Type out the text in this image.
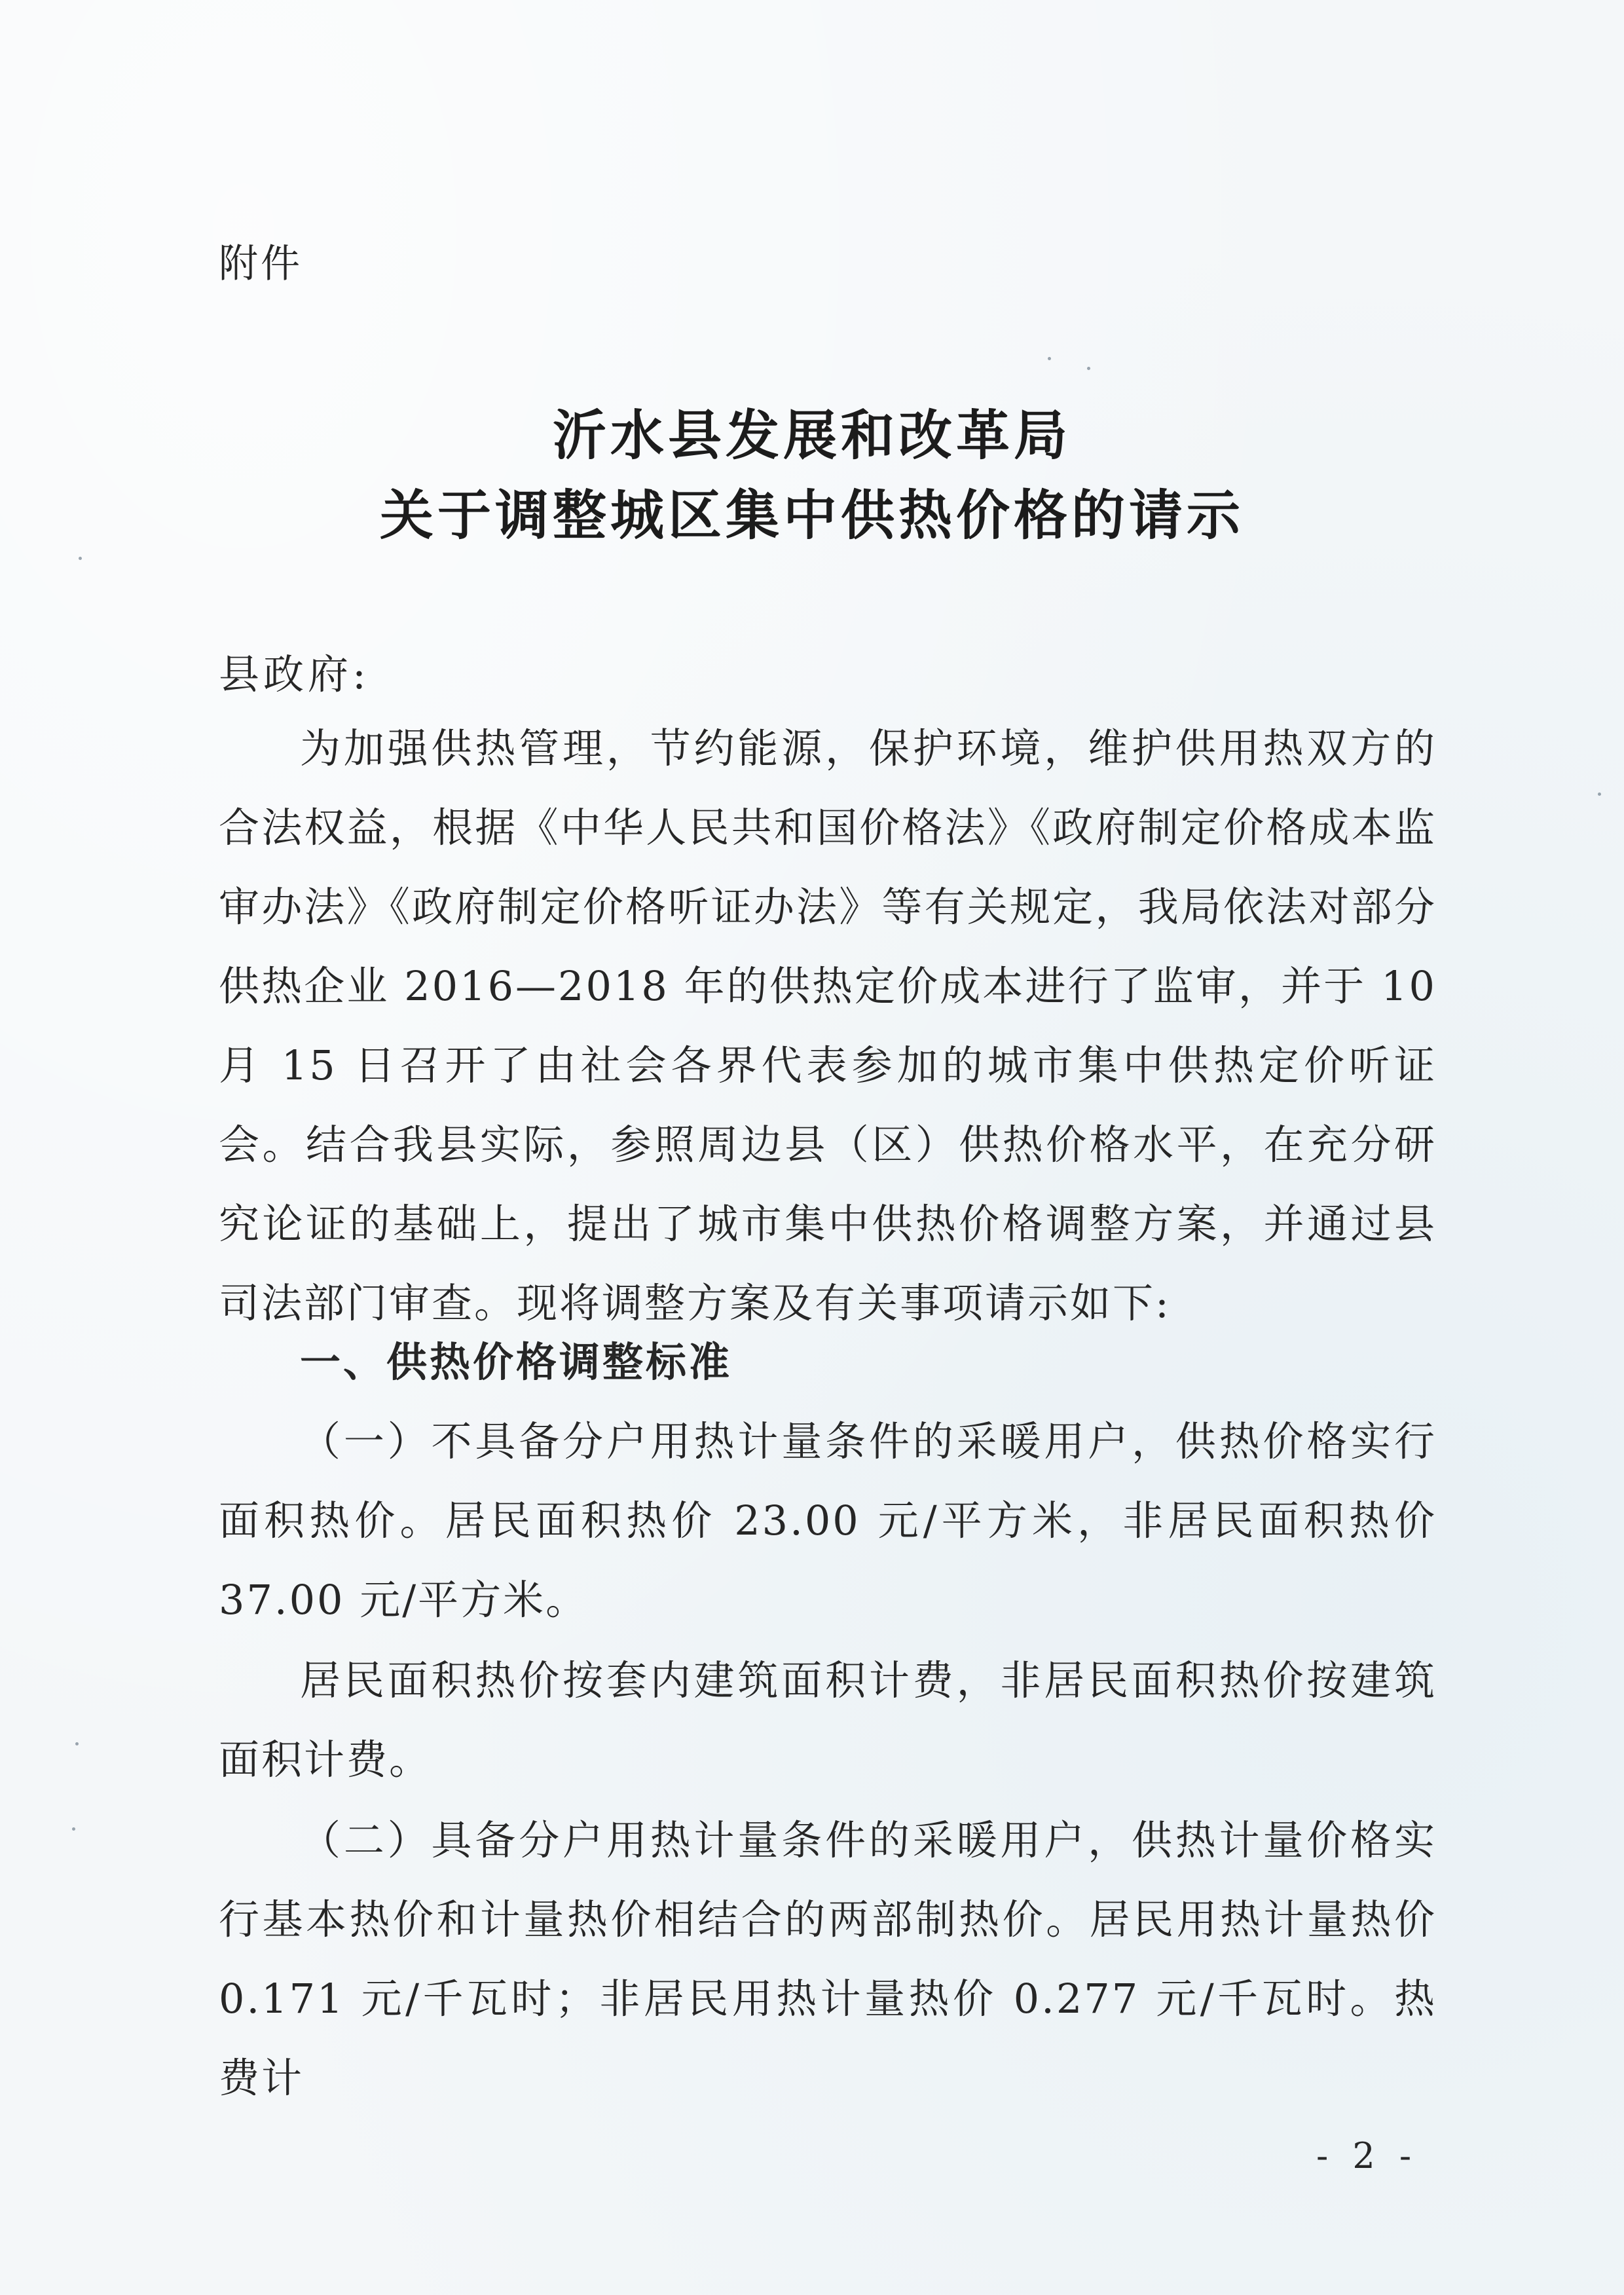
附件
沂水县发展和改革局
关于调整城区集中供热价格的请示
县政府:

为加强供热管理，节约能源，保护环境，维护供用热双方的合法权益，根据《中华人民共和国价格法》《政府制定价格成本监审办法》《政府制定价格听证办法》等有关规定，我局依法对部分供热企业 2016—2018 年的供热定价成本进行了监审，并于 10 月 15 日召开了由社会各界代表参加的城市集中供热定价听证会。结合我县实际，参照周边县（区）供热价格水平，在充分研究论证的基础上，提出了城市集中供热价格调整方案，并通过县司法部门审查。现将调整方案及有关事项请示如下:

一、供热价格调整标准

（一）不具备分户用热计量条件的采暖用户，供热价格实行面积热价。居民面积热价 23.00 元/平方米，非居民面积热价 37.00 元/平方米。

居民面积热价按套内建筑面积计费，非居民面积热价按建筑面积计费。

（二）具备分户用热计量条件的采暖用户，供热计量价格实行基本热价和计量热价相结合的两部制热价。居民用热计量热价 0.171 元/千瓦时；非居民用热计量热价 0.277 元/千瓦时。热费计

- 2 -
